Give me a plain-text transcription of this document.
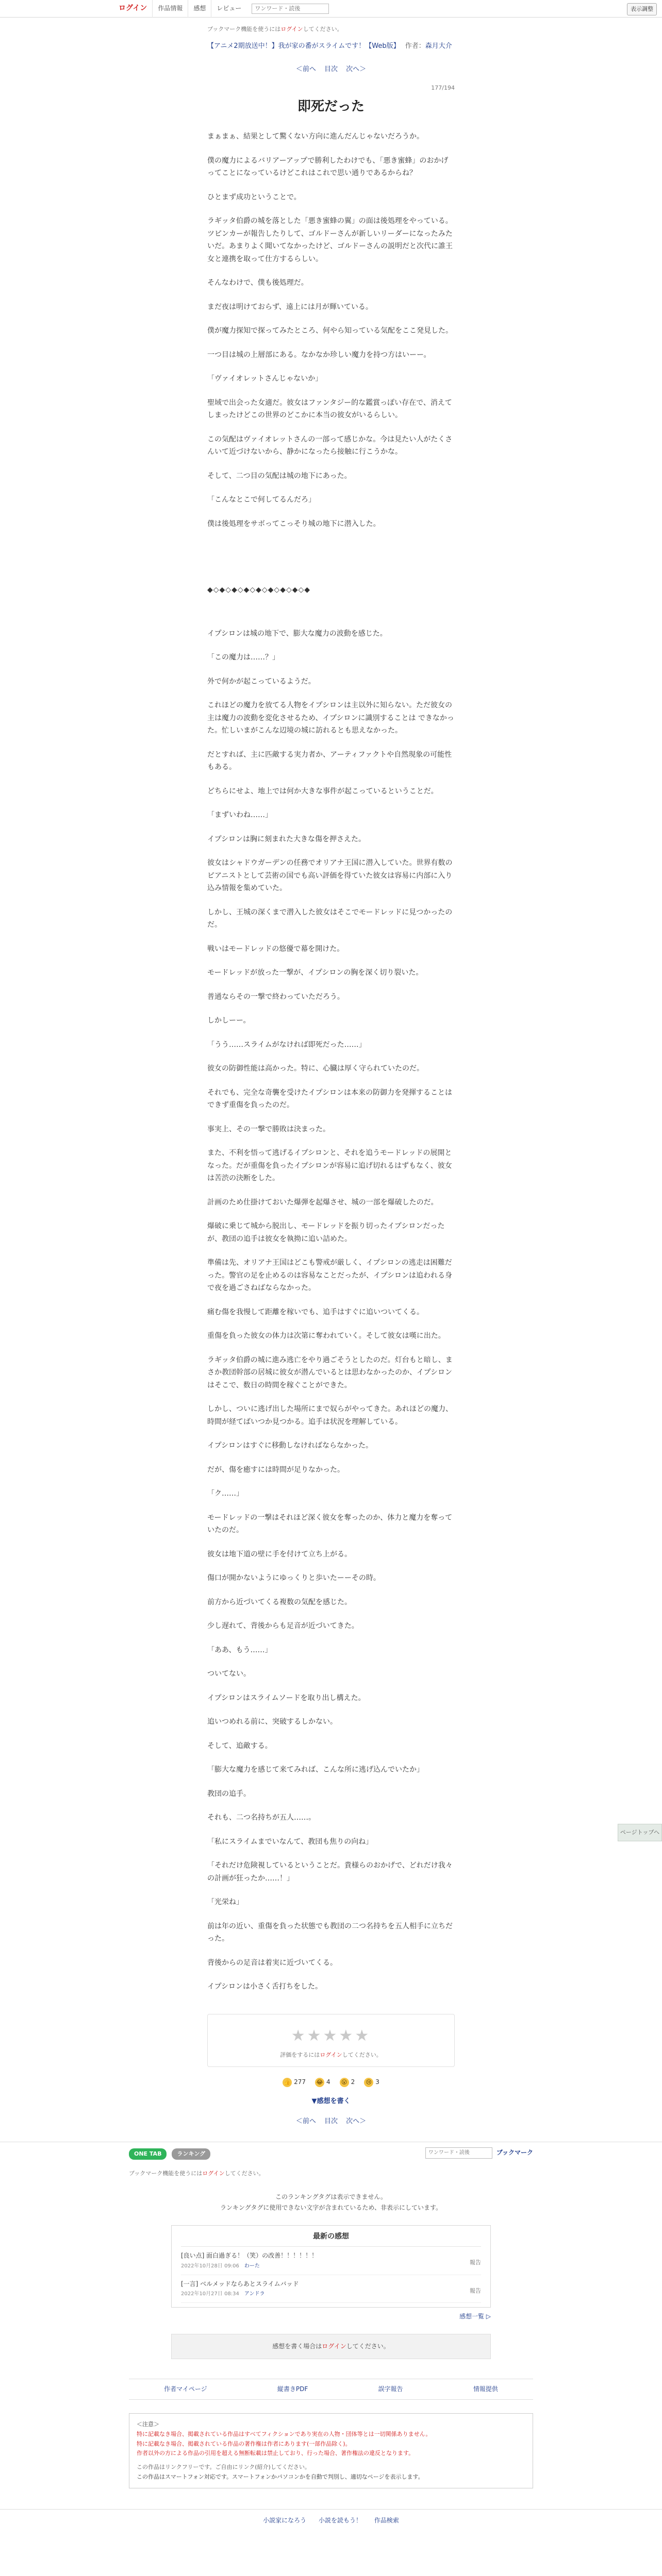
ログイン	作品情報	感想	レビュー
ワンワード・読後	表示調整
ブックマーク機能を使うにはログインしてください。
【アニメ2期放送中！】我が家の番がスライムです！【Web版】 作者：森月大介
＜前へ 目次 次へ＞
177/194
即死だった

まぁまぁ、結果として驚くない方向に進んだんじゃないだろうか。

僕の魔力によるバリアーアップで勝利したわけでも、「悪き蜜蜂」のおかげってことになっているけどこれはこれで思い通りであるからね？

ひとまず成功ということで。

ラギッタ伯爵の城を落とした「悪き蜜蜂の翼」の面は後処理をやっている。ツピンカーが報告したりして、ゴルドーさんが新しいリーダーになったみたいだ。あまりよく聞いてなかったけど、ゴルドーさんの説明だと次代に誰王女と連携を取って仕方するらしい。

そんなわけで、僕も後処理だ。

まだ夜は明けておらず、遠上には月が輝いている。

僕が魔力探知で探ってみたところ、何やら知っている気配をここ発見した。

一つ目は城の上層部にある。なかなか珍しい魔力を持つ方はいーー。

「ヴァイオレットさんじゃないか」

聖域で出会った女適だ。彼女はファンタジー的な鑑賞っぽい存在で、消えてしまったけどこの世界のどこかに本当の彼女がいるらしい。

この気配はヴァイオレットさんの一部って感じかな。今は見たい人がたくさんいて近づけないから、静かになったら接触に行こうかな。

そして、二つ目の気配は城の地下にあった。

「こんなとこで何してるんだろ」

僕は後処理をサボってこっそり城の地下に潜入した。

◆◇◆◇◆◇◆◇◆◇◆◇◆◇◆◇◆

イプシロンは城の地下で、膨大な魔力の波動を感じた。

「この魔力は……？」

外で何かが起こっているようだ。

これほどの魔力を放てる人物をイプシロンは主以外に知らない。ただ彼女の主は魔力の波動を変化させるため、イプシロンに識別することは できなかった。忙しいまがこんな辺境の城に訪れるとも思えなかった。

だとすれば、主に匹敵する実力者か、アーティファクトや自然現象の可能性もある。

どちらにせよ、地上では何か大きな事件が起こっているということだ。

「まずいわね……」

イプシロンは胸に刻まれた大きな傷を押さえた。

彼女はシャドウガーデンの任務でオリアナ王国に潜入していた。世界有数のピアニストとして芸術の国でも高い評価を得ていた彼女は容易に内部に入り込み情報を集めていた。

しかし、王城の深くまで潜入した彼女はそこでモードレッドに見つかったのだ。

戦いはモードレッドの悠優で幕を開けた。

モードレッドが放った一撃が、イプシロンの胸を深く切り裂いた。

普通ならその一撃で終わっていただろう。

しかしーー。

「うう……スライムがなければ即死だった……」

彼女の防御性能は高かった。特に、心臓は厚く守られていたのだ。

それでも、完全な奇襲を受けたイプシロンは本来の防御力を発揮することはできず重傷を負ったのだ。

事実上、その一撃で勝敗は決まった。

また、不利を悟って逃げるイプシロンと、それを追うモードレッドの展開となった。だが重傷を負ったイプシロンが容易に追げ切れるはずもなく、彼女は苦渋の決断をした。

計画のため仕掛けておいた爆弾を起爆させ、城の一部を爆破したのだ。

爆破に乗じて城から脱出し、モードレッドを振り切ったイプシロンだったが、教団の追手は彼女を執拗に追い詰めた。

準備は先、オリアナ王国はどこも警戒が厳しく、イプシロンの逃走は困難だった。警官の足を止めるのは容易なことだったが、イプシロンは追われる身で夜を過ごさねばならなかった。

痛む傷を我慢して距離を稼いでも、追手はすぐに追いついてくる。

重傷を負った彼女の体力は次第に奪われていく。そして彼女は嘆に出た。

ラギッタ伯爵の城に進み逃亡をやり過ごそうとしたのだ。灯台もと暗し、まさか教団幹部の居城に彼女が潜んでいるとは思わなかったのか、イプシロンはそこで、数日の時間を稼ぐことができた。

しかし、ついに逃げ出した場所にまで奴らがやってきた。あれほどの魔力、時間が経てばいつか見つかる。追手は状況を理解している。

イプシロンはすぐに移動しなければならなかった。

だが、傷を癒すには時間が足りなかった。

「ク……」

モードレッドの一撃はそれほど深く彼女を奪ったのか、体力と魔力を奪っていたのだ。

彼女は地下道の壁に手を付けて立ち上がる。

傷口が開かないようにゆっくりと歩いたーーその時。

前方から近づいてくる複数の気配を感じた。

少し遅れて、背後からも足音が近づいてきた。

「ああ、もう……」

ついてない。

イプシロンはスライムソードを取り出し構えた。

追いつめれる前に、突破するしかない。

そして、追敵する。

「膨大な魔力を感じて来てみれば、こんな所に逃げ込んでいたか」

教団の追手。

それも、二つ名持ちが五人……。

「私にスライムまでいなんて、教団も焦りの向ね」

「それだけ危険視しているということだ。貴様らのおかげで、どれだけ我々の計画が狂ったか……！」

「光栄ね」

前は年の近い、重傷を負った状態でも教団の二つ名持ちを五人相手に立ちだった。

背後からの足音は着実に近づいてくる。

イプシロンは小さく舌打ちをした。

ページトップへ
★★★★★
評価をするにはログインしてください。
👍 277 😂 4 😮 2 😢 3
▼感想を書く
＜前へ 目次 次へ＞
ONE TAB	ランキング
ワンワード・読後	ブックマーク
ブックマーク機能を使うにはログインしてください。
このランキングタグは表示できません。
ランキングタグに使用できない文字が含まれているため、非表示にしています。
最新の感想
[良い点] 面白過ぎる！（笑）の改善！！！！！！
2022年10月28日 09:06 わーた	報告
[一言] ベルメッドならあとスライムバッド
2022年10月27日 08:34 アンドラ	報告
感想一覧 ▷
感想を書く場合はログインしてください。
作者マイページ	縦書きPDF	誤字報告	情報提供
＜注意＞
特に記載なき場合、掲載されている作品はすべてフィクションであり実在の人物・団体等とは一切関係ありません。
特に記載なき場合、掲載されている作品の著作権は作者にあります(一部作品除く)。
作者以外の方による作品の引用を超える無断転載は禁止しており、行った場合、著作権法の違反となります。
この作品はリンクフリーです。ご自由にリンク(紹介)してください。
この作品はスマートフォン対応です。スマートフォンかパソコンかを自動で判別し、適切なページを表示します。
小説家になろう 小説を読もう！ 作品検索
